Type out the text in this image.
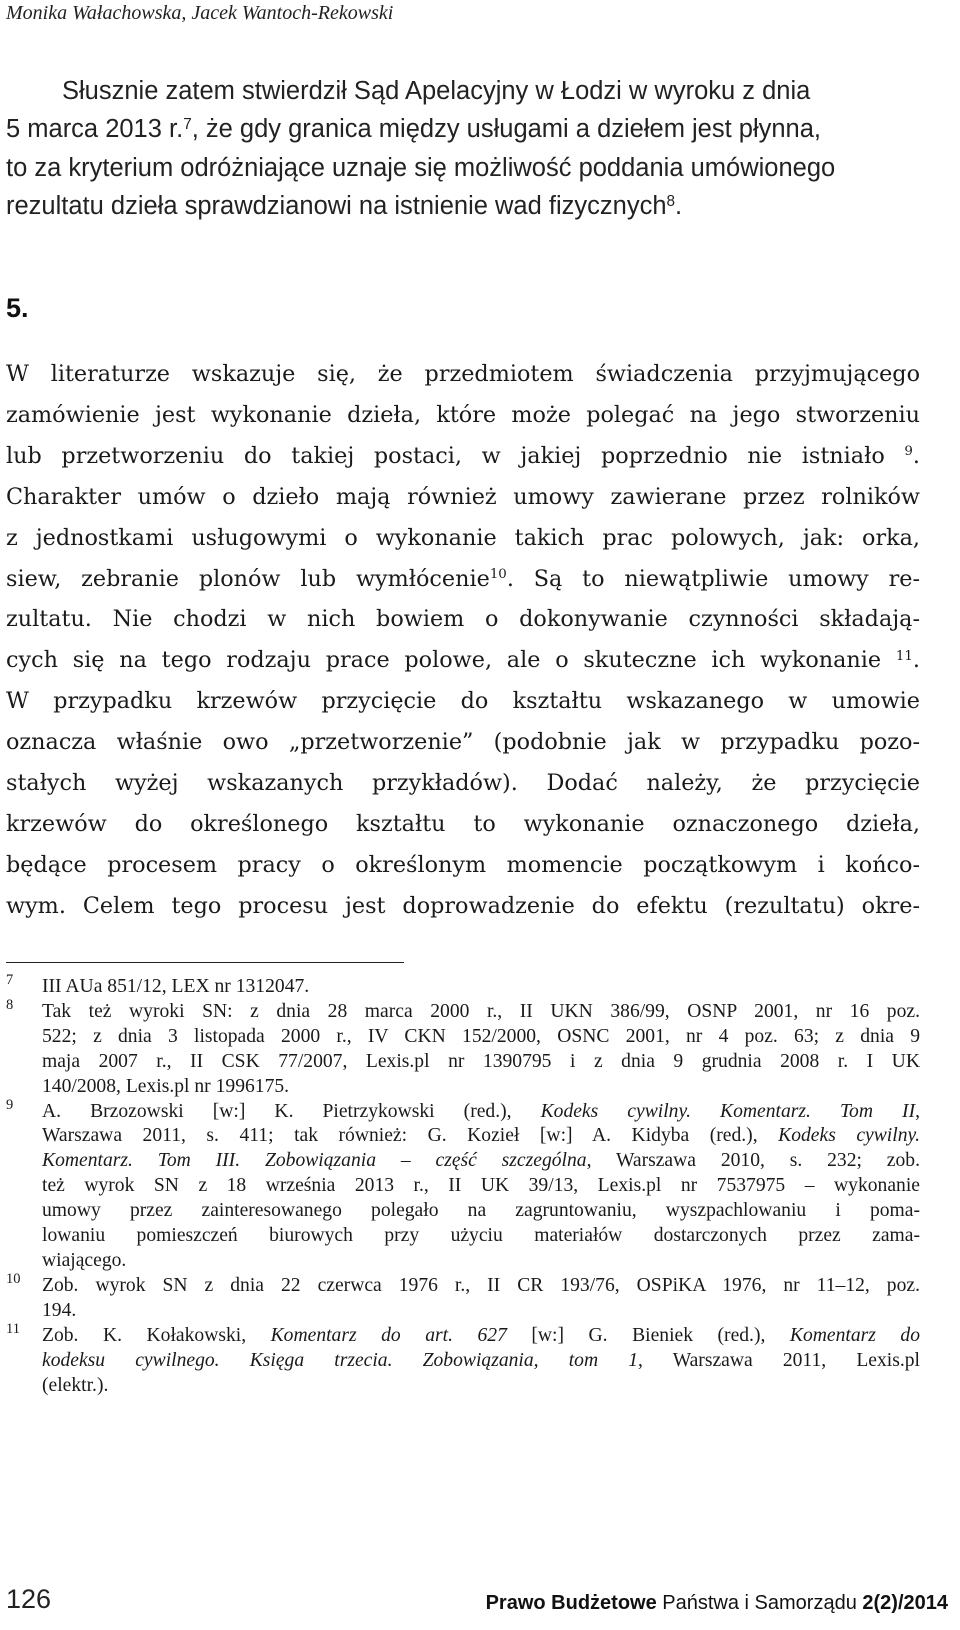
Monika Wałachowska, Jacek Wantoch-Rekowski
Słusznie zatem stwierdził Sąd Apelacyjny w Łodzi w wyroku z dnia
5 marca 2013 r.$^7$, że gdy granica między usługami a dziełem jest płynna,
to za kryterium odróżniające uznaje się możliwość poddania umówionego
rezultatu dzieła sprawdzianowi na istnienie wad fizycznych$^8$.
5.
W literaturze wskazuje się, że przedmiotem świadczenia przyjmującego
zamówienie jest wykonanie dzieła, które może polegać na jego stworzeniu
lub przetworzeniu do takiej postaci, w jakiej poprzednio nie istniało $^9$.
Charakter umów o dzieło mają również umowy zawierane przez rolników
z jednostkami usługowymi o wykonanie takich prac polowych, jak: orka,
siew, zebranie plonów lub wymłócenie$^{10}$. Są to niewątpliwie umowy re-
zultatu. Nie chodzi w nich bowiem o dokonywanie czynności składają-
cych się na tego rodzaju prace polowe, ale o skuteczne ich wykonanie $^{11}$.
W przypadku krzewów przycięcie do kształtu wskazanego w umowie
oznacza właśnie owo „przetworzenie” (podobnie jak w przypadku pozo-
stałych wyżej wskazanych przykładów). Dodać należy, że przycięcie
krzewów do określonego kształtu to wykonanie oznaczonego dzieła,
będące procesem pracy o określonym momencie początkowym i końco-
wym. Celem tego procesu jest doprowadzenie do efektu (rezultatu) okre-
7 III AUa 851/12, LEX nr 1312047.
8 Tak też wyroki SN: z dnia 28 marca 2000 r., II UKN 386/99, OSNP 2001, nr 16 poz.
522; z dnia 3 listopada 2000 r., IV CKN 152/2000, OSNC 2001, nr 4 poz. 63; z dnia 9
maja 2007 r., II CSK 77/2007, Lexis.pl nr 1390795 i z dnia 9 grudnia 2008 r. I UK
140/2008, Lexis.pl nr 1996175.
9 A. Brzozowski [w:] K. Pietrzykowski (red.), Kodeks cywilny. Komentarz. Tom II,
Warszawa 2011, s. 411; tak również: G. Kozieł [w:] A. Kidyba (red.), Kodeks cywilny.
Komentarz. Tom III. Zobowiązania – część szczególna, Warszawa 2010, s. 232; zob.
też wyrok SN z 18 września 2013 r., II UK 39/13, Lexis.pl nr 7537975 – wykonanie
umowy przez zainteresowanego polegało na zagruntowaniu, wyszpachlowaniu i poma-
lowaniu pomieszczeń biurowych przy użyciu materiałów dostarczonych przez zama-
wiającego.
10 Zob. wyrok SN z dnia 22 czerwca 1976 r., II CR 193/76, OSPiKA 1976, nr 11–12, poz.
194.
11 Zob. K. Kołakowski, Komentarz do art. 627 [w:] G. Bieniek (red.), Komentarz do
kodeksu cywilnego. Księga trzecia. Zobowiązania, tom 1, Warszawa 2011, Lexis.pl
(elektr.).
126	Prawo Budżetowe Państwa i Samorządu 2(2)/2014
